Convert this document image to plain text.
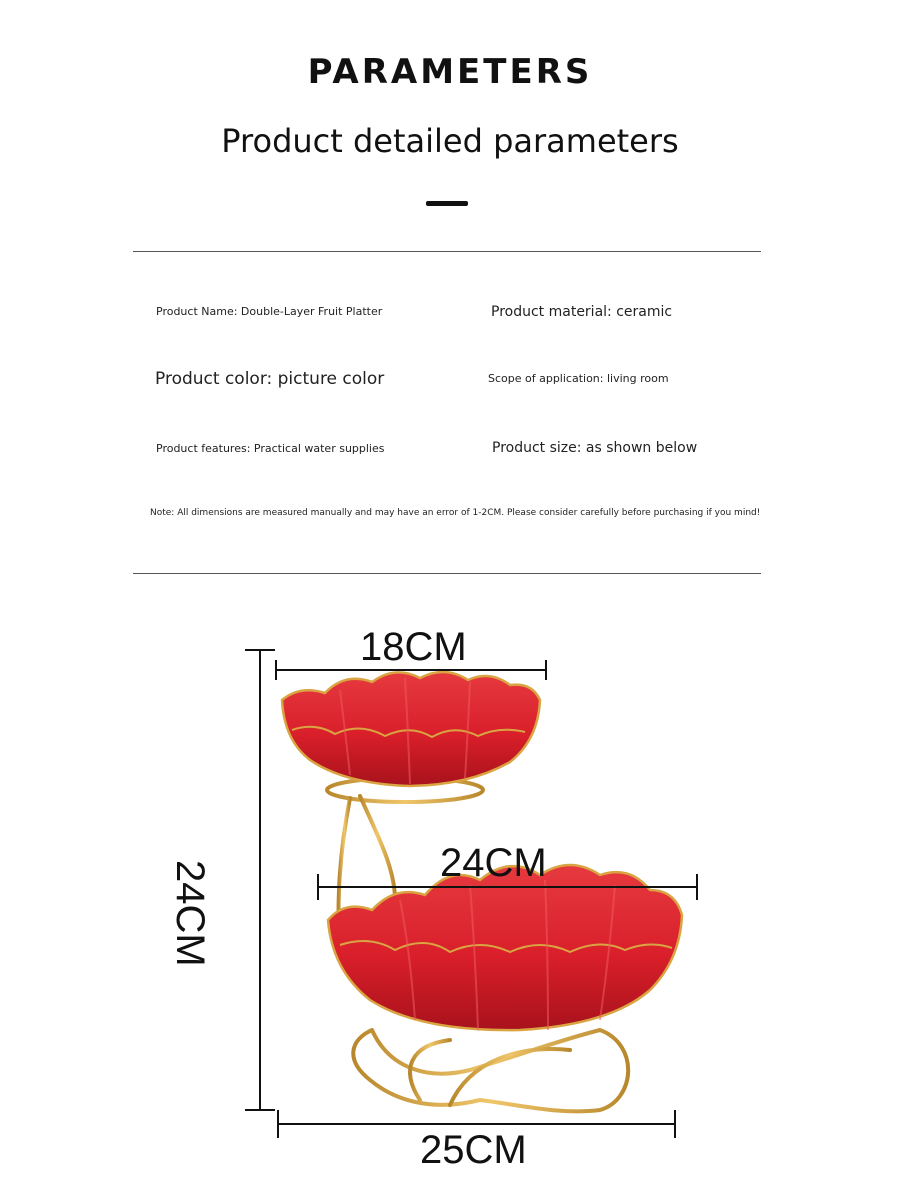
PARAMETERS
Product detailed parameters
Product Name: Double-Layer Fruit Platter	Product material: ceramic
Product color: picture color	Scope of application: living room
Product features: Practical water supplies	Product size: as shown below
Note: All dimensions are measured manually and may have an error of 1-2CM. Please consider carefully before purchasing if you mind!
18CM
24CM
24CM
25CM
